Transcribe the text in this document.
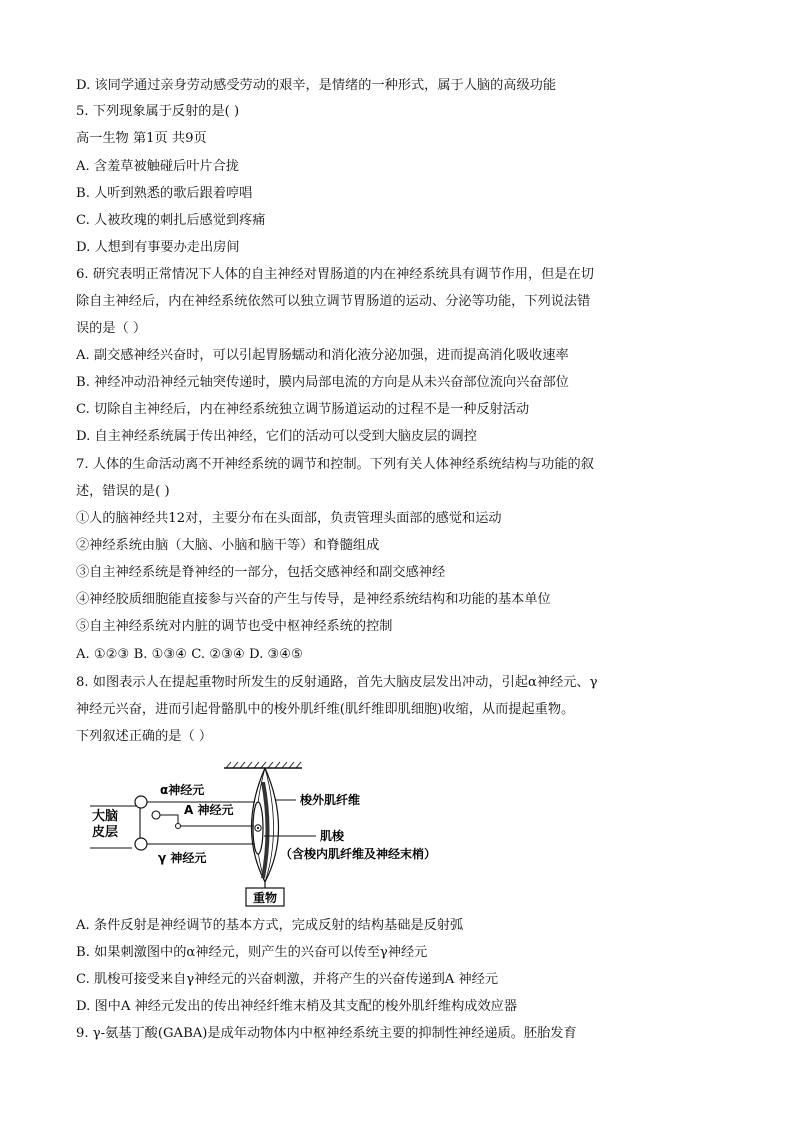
D. 该同学通过亲身劳动感受劳动的艰辛，是情绪的一种形式，属于人脑的高级功能
5. 下列现象属于反射的是( )
高一生物 第1页 共9页
A. 含羞草被触碰后叶片合拢
B. 人听到熟悉的歌后跟着哼唱
C. 人被玫瑰的刺扎后感觉到疼痛
D. 人想到有事要办走出房间
6. 研究表明正常情况下人体的自主神经对胃肠道的内在神经系统具有调节作用，但是在切
除自主神经后，内在神经系统依然可以独立调节胃肠道的运动、分泌等功能，下列说法错
误的是（ ）
A. 副交感神经兴奋时，可以引起胃肠蠕动和消化液分泌加强，进而提高消化吸收速率
B. 神经冲动沿神经元轴突传递时，膜内局部电流的方向是从未兴奋部位流向兴奋部位
C. 切除自主神经后，内在神经系统独立调节肠道运动的过程不是一种反射活动
D. 自主神经系统属于传出神经，它们的活动可以受到大脑皮层的调控
7. 人体的生命活动离不开神经系统的调节和控制。下列有关人体神经系统结构与功能的叙
述，错误的是( )
①人的脑神经共12对，主要分布在头面部，负责管理头面部的感觉和运动
②神经系统由脑（大脑、小脑和脑干等）和脊髓组成
③自主神经系统是脊神经的一部分，包括交感神经和副交感神经
④神经胶质细胞能直接参与兴奋的产生与传导，是神经系统结构和功能的基本单位
⑤自主神经系统对内脏的调节也受中枢神经系统的控制
A. ①②③ B. ①③④ C. ②③④ D. ③④⑤
8. 如图表示人在提起重物时所发生的反射通路，首先大脑皮层发出冲动，引起α神经元、γ
神经元兴奋，进而引起骨骼肌中的梭外肌纤维(肌纤维即肌细胞)收缩，从而提起重物。
下列叙述正确的是（ ）
A. 条件反射是神经调节的基本方式，完成反射的结构基础是反射弧
B. 如果刺激图中的α神经元，则产生的兴奋可以传至γ神经元
C. 肌梭可接受来自γ神经元的兴奋刺激，并将产生的兴奋传递到A 神经元
D. 图中A 神经元发出的传出神经纤维末梢及其支配的梭外肌纤维构成效应器
9. γ-氨基丁酸(GABA)是成年动物体内中枢神经系统主要的抑制性神经递质。胚胎发育
重物
大脑
皮层
α神经元
A 神经元
γ 神经元
梭外肌纤维
肌梭
（含梭内肌纤维及神经末梢）
